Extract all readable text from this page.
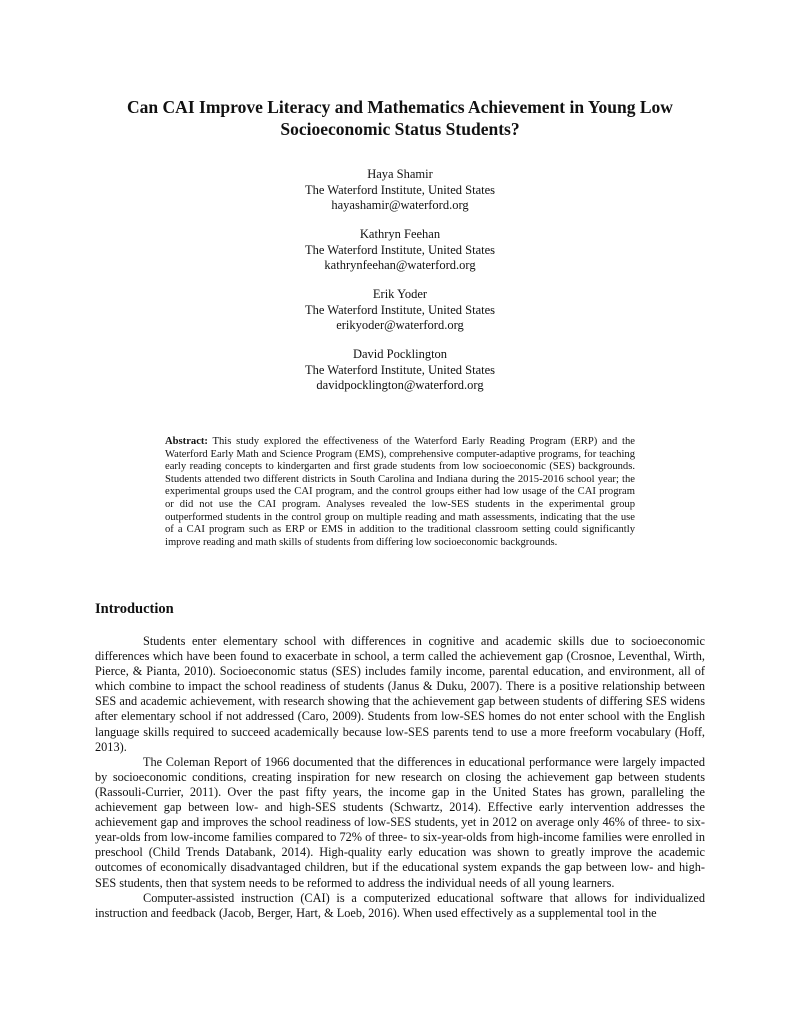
Can CAI Improve Literacy and Mathematics Achievement in Young Low
Socioeconomic Status Students?
Haya Shamir
The Waterford Institute, United States
hayashamir@waterford.org
Kathryn Feehan
The Waterford Institute, United States
kathrynfeehan@waterford.org
Erik Yoder
The Waterford Institute, United States
erikyoder@waterford.org
David Pocklington
The Waterford Institute, United States
davidpocklington@waterford.org
Abstract: This study explored the effectiveness of the Waterford Early Reading Program (ERP) and the Waterford Early Math and Science Program (EMS), comprehensive computer-adaptive programs, for teaching early reading concepts to kindergarten and first grade students from low socioeconomic (SES) backgrounds. Students attended two different districts in South Carolina and Indiana during the 2015-2016 school year; the experimental groups used the CAI program, and the control groups either had low usage of the CAI program or did not use the CAI program. Analyses revealed the low-SES students in the experimental group outperformed students in the control group on multiple reading and math assessments, indicating that the use of a CAI program such as ERP or EMS in addition to the traditional classroom setting could significantly improve reading and math skills of students from differing low socioeconomic backgrounds.
Introduction

Students enter elementary school with differences in cognitive and academic skills due to socioeconomic differences which have been found to exacerbate in school, a term called the achievement gap (Crosnoe, Leventhal, Wirth, Pierce, & Pianta, 2010). Socioeconomic status (SES) includes family income, parental education, and environment, all of which combine to impact the school readiness of students (Janus & Duku, 2007). There is a positive relationship between SES and academic achievement, with research showing that the achievement gap between students of differing SES widens after elementary school if not addressed (Caro, 2009). Students from low-SES homes do not enter school with the English language skills required to succeed academically because low-SES parents tend to use a more freeform vocabulary (Hoff, 2013).

The Coleman Report of 1966 documented that the differences in educational performance were largely impacted by socioeconomic conditions, creating inspiration for new research on closing the achievement gap between students (Rassouli-Currier, 2011). Over the past fifty years, the income gap in the United States has grown, paralleling the achievement gap between low- and high-SES students (Schwartz, 2014). Effective early intervention addresses the achievement gap and improves the school readiness of low-SES students, yet in 2012 on average only 46% of three- to six-year-olds from low-income families compared to 72% of three- to six-year-olds from high-income families were enrolled in preschool (Child Trends Databank, 2014). High-quality early education was shown to greatly improve the academic outcomes of economically disadvantaged children, but if the educational system expands the gap between low- and high-SES students, then that system needs to be reformed to address the individual needs of all young learners.

Computer-assisted instruction (CAI) is a computerized educational software that allows for individualized instruction and feedback (Jacob, Berger, Hart, & Loeb, 2016). When used effectively as a supplemental tool in the
